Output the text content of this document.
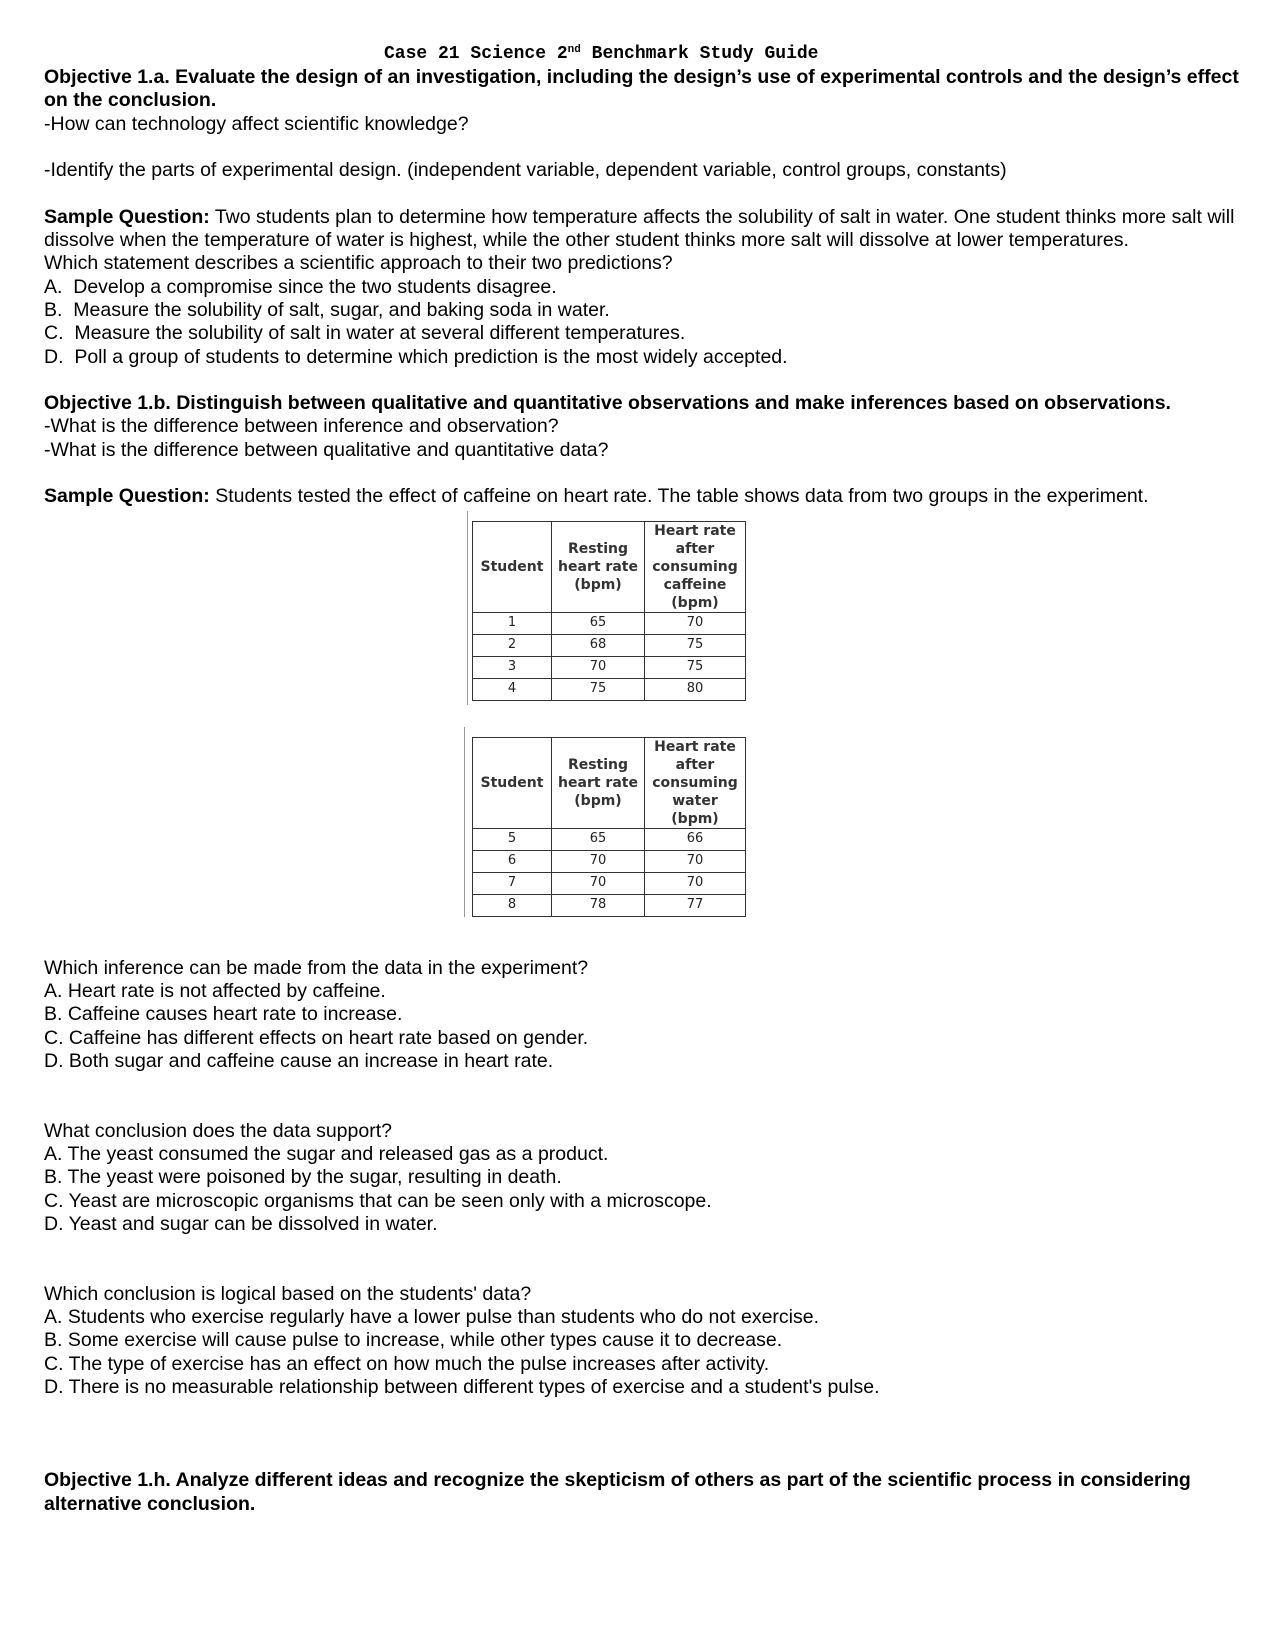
Case 21 Science 2nd Benchmark Study Guide

Objective 1.a. Evaluate the design of an investigation, including the design’s use of experimental controls and the design’s effect on the conclusion.

-How can technology affect scientific knowledge?

-Identify the parts of experimental design. (independent variable, dependent variable, control groups, constants)

Sample Question: Two students plan to determine how temperature affects the solubility of salt in water. One student thinks more salt will dissolve when the temperature of water is highest, while the other student thinks more salt will dissolve at lower temperatures.

Which statement describes a scientific approach to their two predictions?

A.  Develop a compromise since the two students disagree.

B.  Measure the solubility of salt, sugar, and baking soda in water.

C.  Measure the solubility of salt in water at several different temperatures.

D.  Poll a group of students to determine which prediction is the most widely accepted.

Objective 1.b. Distinguish between qualitative and quantitative observations and make inferences based on observations.

-What is the difference between inference and observation?

-What is the difference between qualitative and quantitative data?

Sample Question: Students tested the effect of caffeine on heart rate. The table shows data from two groups in the experiment.

Student	Resting heart rate (bpm)	Heart rate after consuming caffeine (bpm)
1	65	70
2	68	75
3	70	75
4	75	80
Student	Resting heart rate (bpm)	Heart rate after consuming water (bpm)
5	65	66
6	70	70
7	70	70
8	78	77

Which inference can be made from the data in the experiment?

A. Heart rate is not affected by caffeine.

B. Caffeine causes heart rate to increase.

C. Caffeine has different effects on heart rate based on gender.

D. Both sugar and caffeine cause an increase in heart rate.

What conclusion does the data support?

A. The yeast consumed the sugar and released gas as a product.

B. The yeast were poisoned by the sugar, resulting in death.

C. Yeast are microscopic organisms that can be seen only with a microscope.

D. Yeast and sugar can be dissolved in water.

Which conclusion is logical based on the students' data?

A. Students who exercise regularly have a lower pulse than students who do not exercise.

B. Some exercise will cause pulse to increase, while other types cause it to decrease.

C. The type of exercise has an effect on how much the pulse increases after activity.

D. There is no measurable relationship between different types of exercise and a student's pulse.

Objective 1.h. Analyze different ideas and recognize the skepticism of others as part of the scientific process in considering alternative conclusion.
